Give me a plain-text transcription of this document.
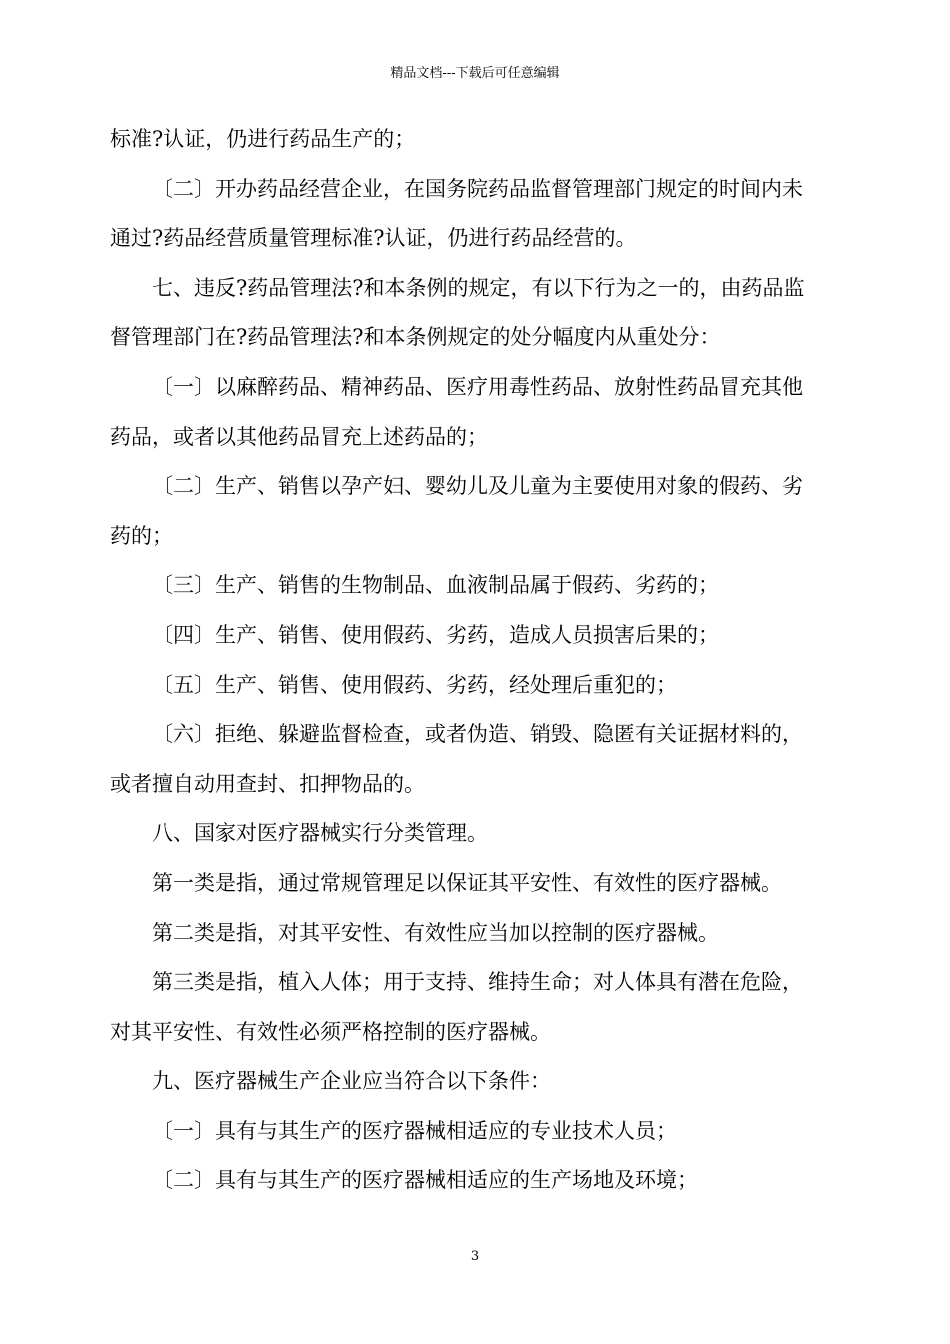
精品文档---下载后可任意编辑
标准?认证，仍进行药品生产的；
〔二〕开办药品经营企业，在国务院药品监督管理部门规定的时间内未
通过?药品经营质量管理标准?认证，仍进行药品经营的。
七、违反?药品管理法?和本条例的规定，有以下行为之一的，由药品监
督管理部门在?药品管理法?和本条例规定的处分幅度内从重处分：
〔一〕以麻醉药品、精神药品、医疗用毒性药品、放射性药品冒充其他
药品，或者以其他药品冒充上述药品的；
〔二〕生产、销售以孕产妇、婴幼儿及儿童为主要使用对象的假药、劣
药的；
〔三〕生产、销售的生物制品、血液制品属于假药、劣药的；
〔四〕生产、销售、使用假药、劣药，造成人员损害后果的；
〔五〕生产、销售、使用假药、劣药，经处理后重犯的；
〔六〕拒绝、躲避监督检查，或者伪造、销毁、隐匿有关证据材料的，
或者擅自动用查封、扣押物品的。
八、国家对医疗器械实行分类管理。
第一类是指，通过常规管理足以保证其平安性、有效性的医疗器械。
第二类是指，对其平安性、有效性应当加以控制的医疗器械。
第三类是指，植入人体；用于支持、维持生命；对人体具有潜在危险，
对其平安性、有效性必须严格控制的医疗器械。
九、医疗器械生产企业应当符合以下条件：
〔一〕具有与其生产的医疗器械相适应的专业技术人员；
〔二〕具有与其生产的医疗器械相适应的生产场地及环境；
3
